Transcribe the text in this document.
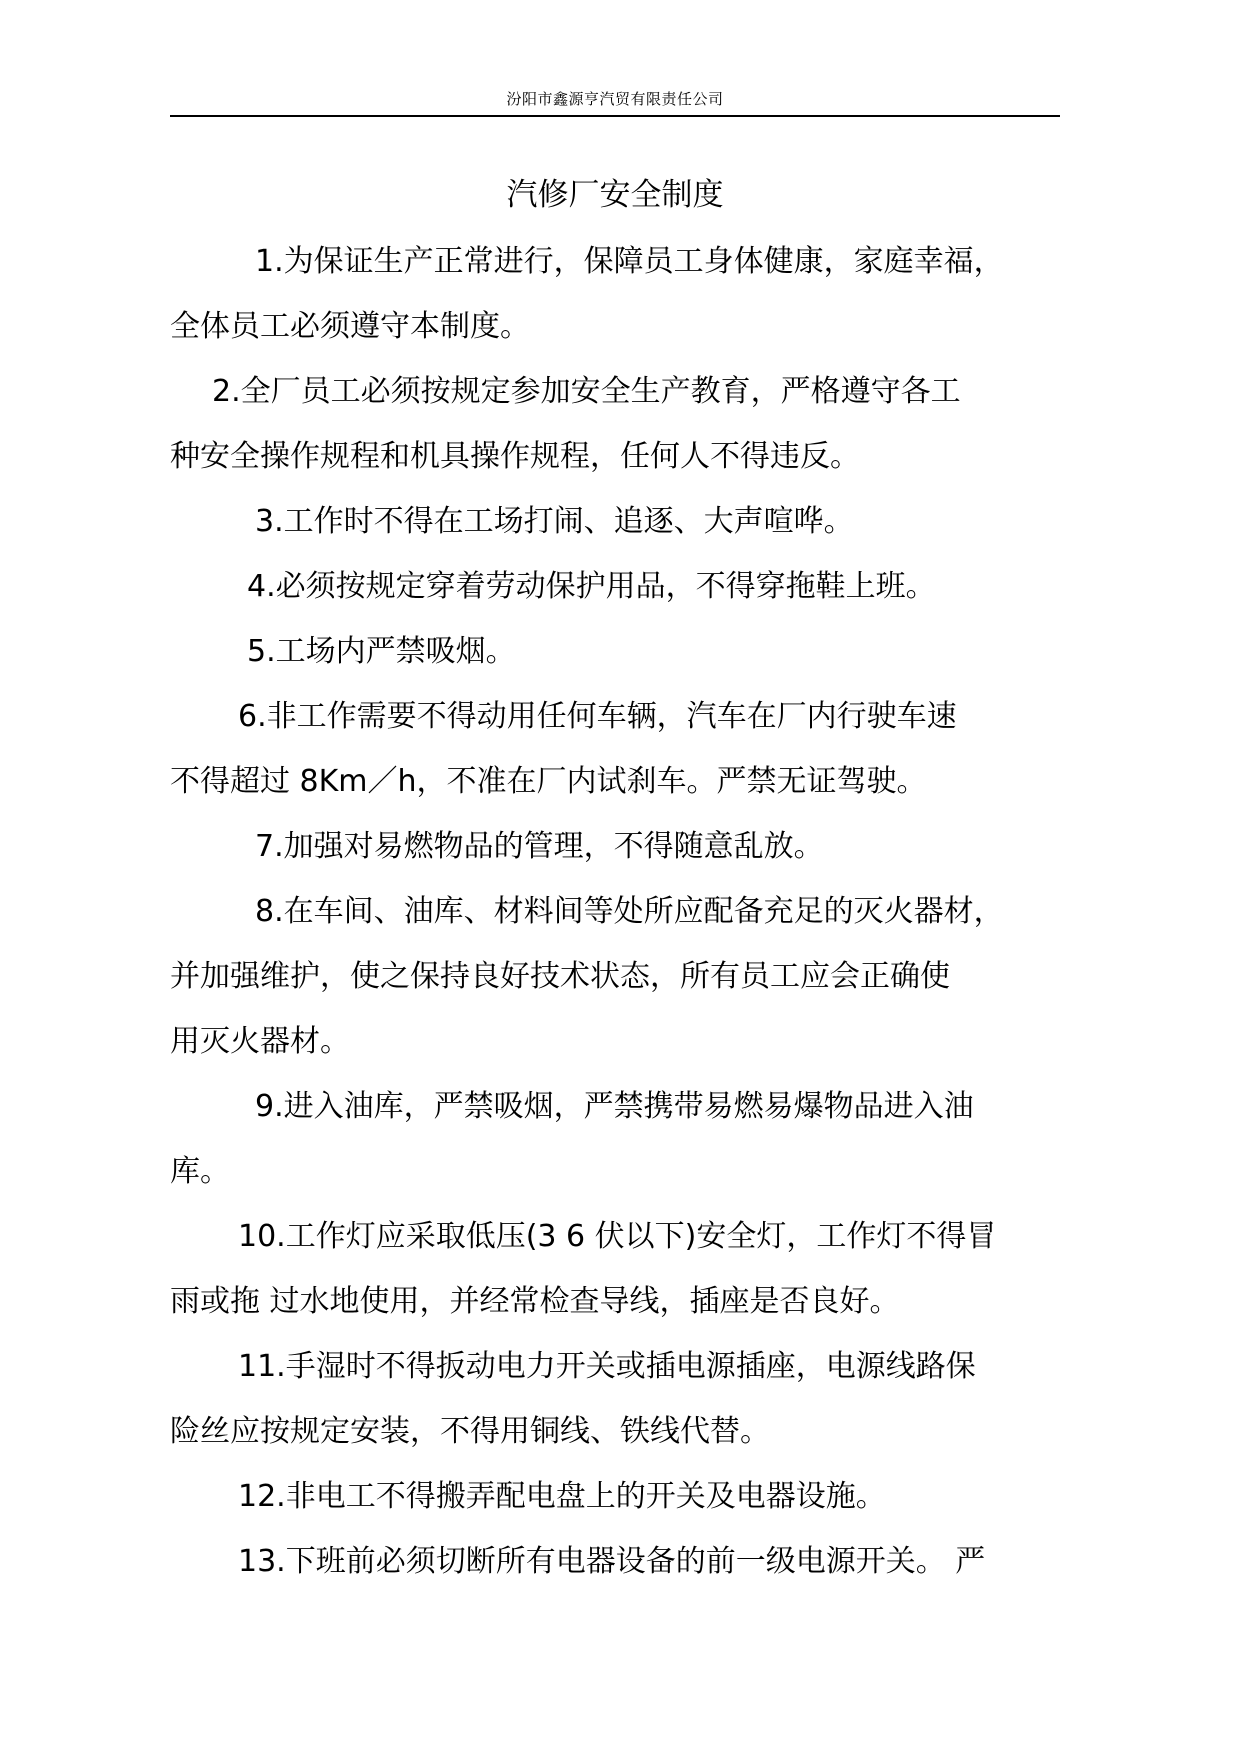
汾阳市鑫源亨汽贸有限责任公司
汽修厂安全制度
1.为保证生产正常进行，保障员工身体健康，家庭幸福，
全体员工必须遵守本制度。
2.全厂员工必须按规定参加安全生产教育，严格遵守各工
种安全操作规程和机具操作规程，任何人不得违反。
3.工作时不得在工场打闹、追逐、大声喧哗。
4.必须按规定穿着劳动保护用品，不得穿拖鞋上班。
5.工场内严禁吸烟。
6.非工作需要不得动用任何车辆，汽车在厂内行驶车速
不得超过 8Km／h，不准在厂内试刹车。严禁无证驾驶。
7.加强对易燃物品的管理，不得随意乱放。
8.在车间、油库、材料间等处所应配备充足的灭火器材，
并加强维护，使之保持良好技术状态，所有员工应会正确使
用灭火器材。
9.进入油库，严禁吸烟，严禁携带易燃易爆物品进入油
库。
10.工作灯应采取低压(3 6 伏以下)安全灯，工作灯不得冒
雨或拖 过水地使用，并经常检查导线，插座是否良好。
11.手湿时不得扳动电力开关或插电源插座，电源线路保
险丝应按规定安装，不得用铜线、铁线代替。
12.非电工不得搬弄配电盘上的开关及电器设施。
13.下班前必须切断所有电器设备的前一级电源开关。 严
